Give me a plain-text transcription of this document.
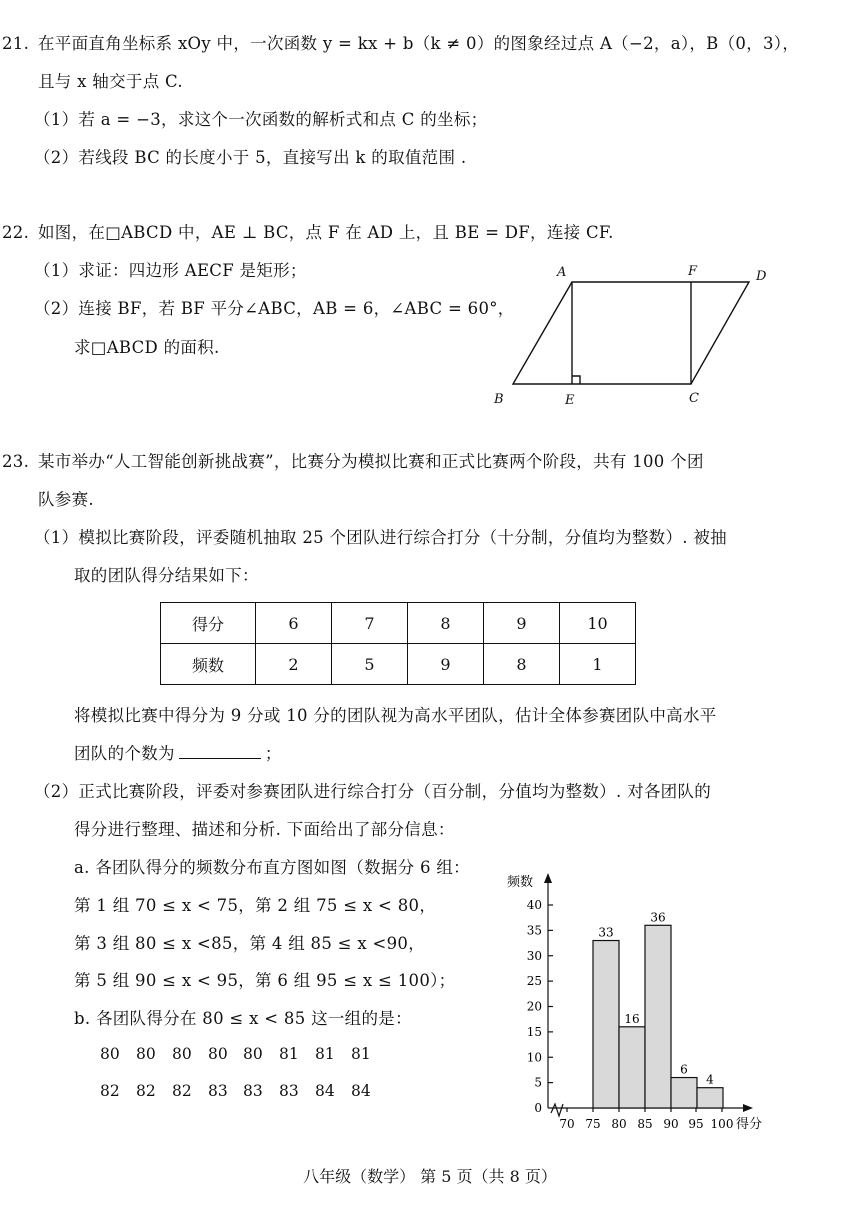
21. 在平面直角坐标系 xOy 中，一次函数 y = kx + b（k ≠ 0）的图象经过点 A（−2，a），B（0，3），
且与 x 轴交于点 C.
（1）若 a = −3，求这个一次函数的解析式和点 C 的坐标；
（2）若线段 BC 的长度小于 5，直接写出 k 的取值范围 .
22. 如图，在□ABCD 中，AE ⊥ BC，点 F 在 AD 上，且 BE = DF，连接 CF.
（1）求证：四边形 AECF 是矩形；
（2）连接 BF，若 BF 平分∠ABC，AB = 6，∠ABC = 60°，
求□ABCD 的面积.
A	F	D
B	E	C
23. 某市举办“人工智能创新挑战赛”，比赛分为模拟比赛和正式比赛两个阶段，共有 100 个团
队参赛.
（1）模拟比赛阶段，评委随机抽取 25 个团队进行综合打分（十分制，分值均为整数）. 被抽
取的团队得分结果如下：
得分	6	7	8	9	10
频数	2	5	9	8	1
将模拟比赛中得分为 9 分或 10 分的团队视为高水平团队，估计全体参赛团队中高水平
团队的个数为	；
（2）正式比赛阶段，评委对参赛团队进行综合打分（百分制，分值均为整数）. 对各团队的
得分进行整理、描述和分析. 下面给出了部分信息：
a. 各团队得分的频数分布直方图如图（数据分 6 组：
第 1 组 70 ≤ x < 75，第 2 组 75 ≤ x < 80，
第 3 组 80 ≤ x <85，第 4 组 85 ≤ x <90，
第 5 组 90 ≤ x < 95，第 6 组 95 ≤ x ≤ 100）；
b. 各团队得分在 80 ≤ x < 85 这一组的是：
80 80 80 80 80 81 81 81
82 82 82 83 83 83 84 84
频数
得分
33
16
36
6
4
0
5
10
15
20
25
30
35
40
70 75 80 85 90 95 100
八年级（数学） 第 5 页（共 8 页）
